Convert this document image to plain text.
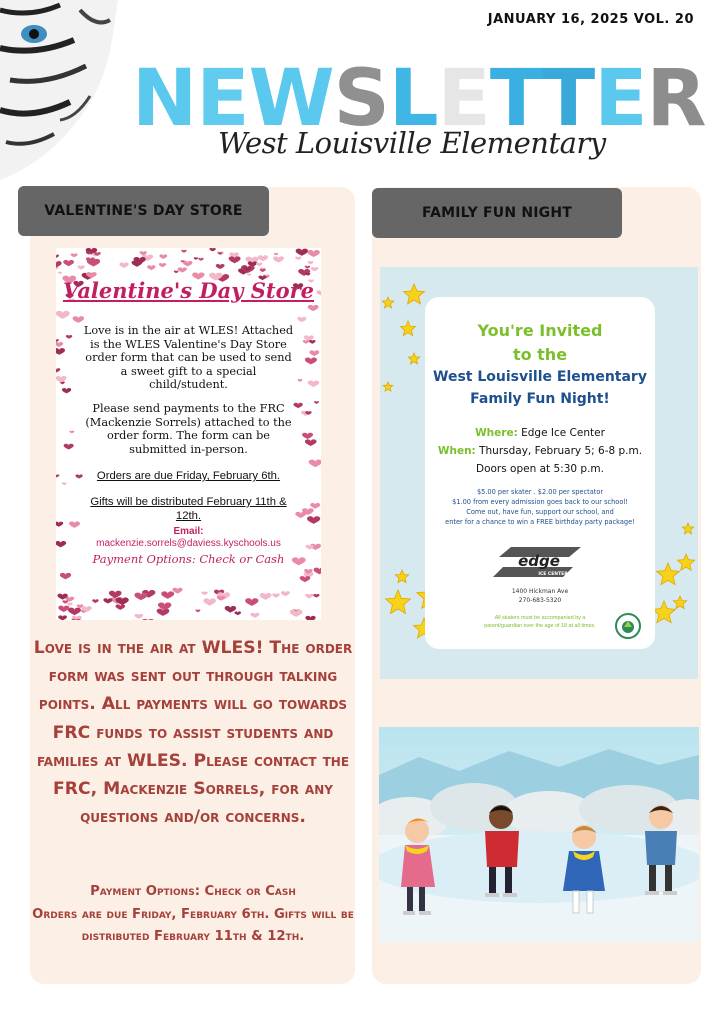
JANUARY 16, 2025 VOL. 20
NEWSLETTER
West Louisville Elementary
VALENTINE'S DAY STORE
Valentine's Day Store
Love is in the air at WLES! Attached is the WLES Valentine's Day Store order form that can be used to send a sweet gift to a special child/student.
Please send payments to the FRC (Mackenzie Sorrels) attached to the order form. The form can be submitted in-person.
Orders are due Friday, February 6th.
Gifts will be distributed February 11th & 12th.
Email:
mackenzie.sorrels@daviess.kyschools.us
Payment Options: Check or Cash
Love is in the air at WLES! The order form was sent out through talking points. All payments will go towards FRC funds to assist students and families at WLES. Please contact the FRC, Mackenzie Sorrels, for any questions and/or concerns.
Payment Options: Check or Cash
Orders are due Friday, February 6th. Gifts will be distributed February 11th & 12th.
FAMILY FUN NIGHT
You're Invited
to the
West Louisville Elementary
Family Fun Night!
Where: Edge Ice Center
When: Thursday, February 5; 6-8 p.m.
Doors open at 5:30 p.m.
$5.00 per skater . $2.00 per spectator
$1.00 from every admission goes back to our school!
Come out, have fun, support our school, and
enter for a chance to win a FREE birthday party package!
edge
ICE CENTER
1400 Hickman Ave
270-683-5320
All skaters must be accompanied by a parent/guardian over the age of 18 at all times.
